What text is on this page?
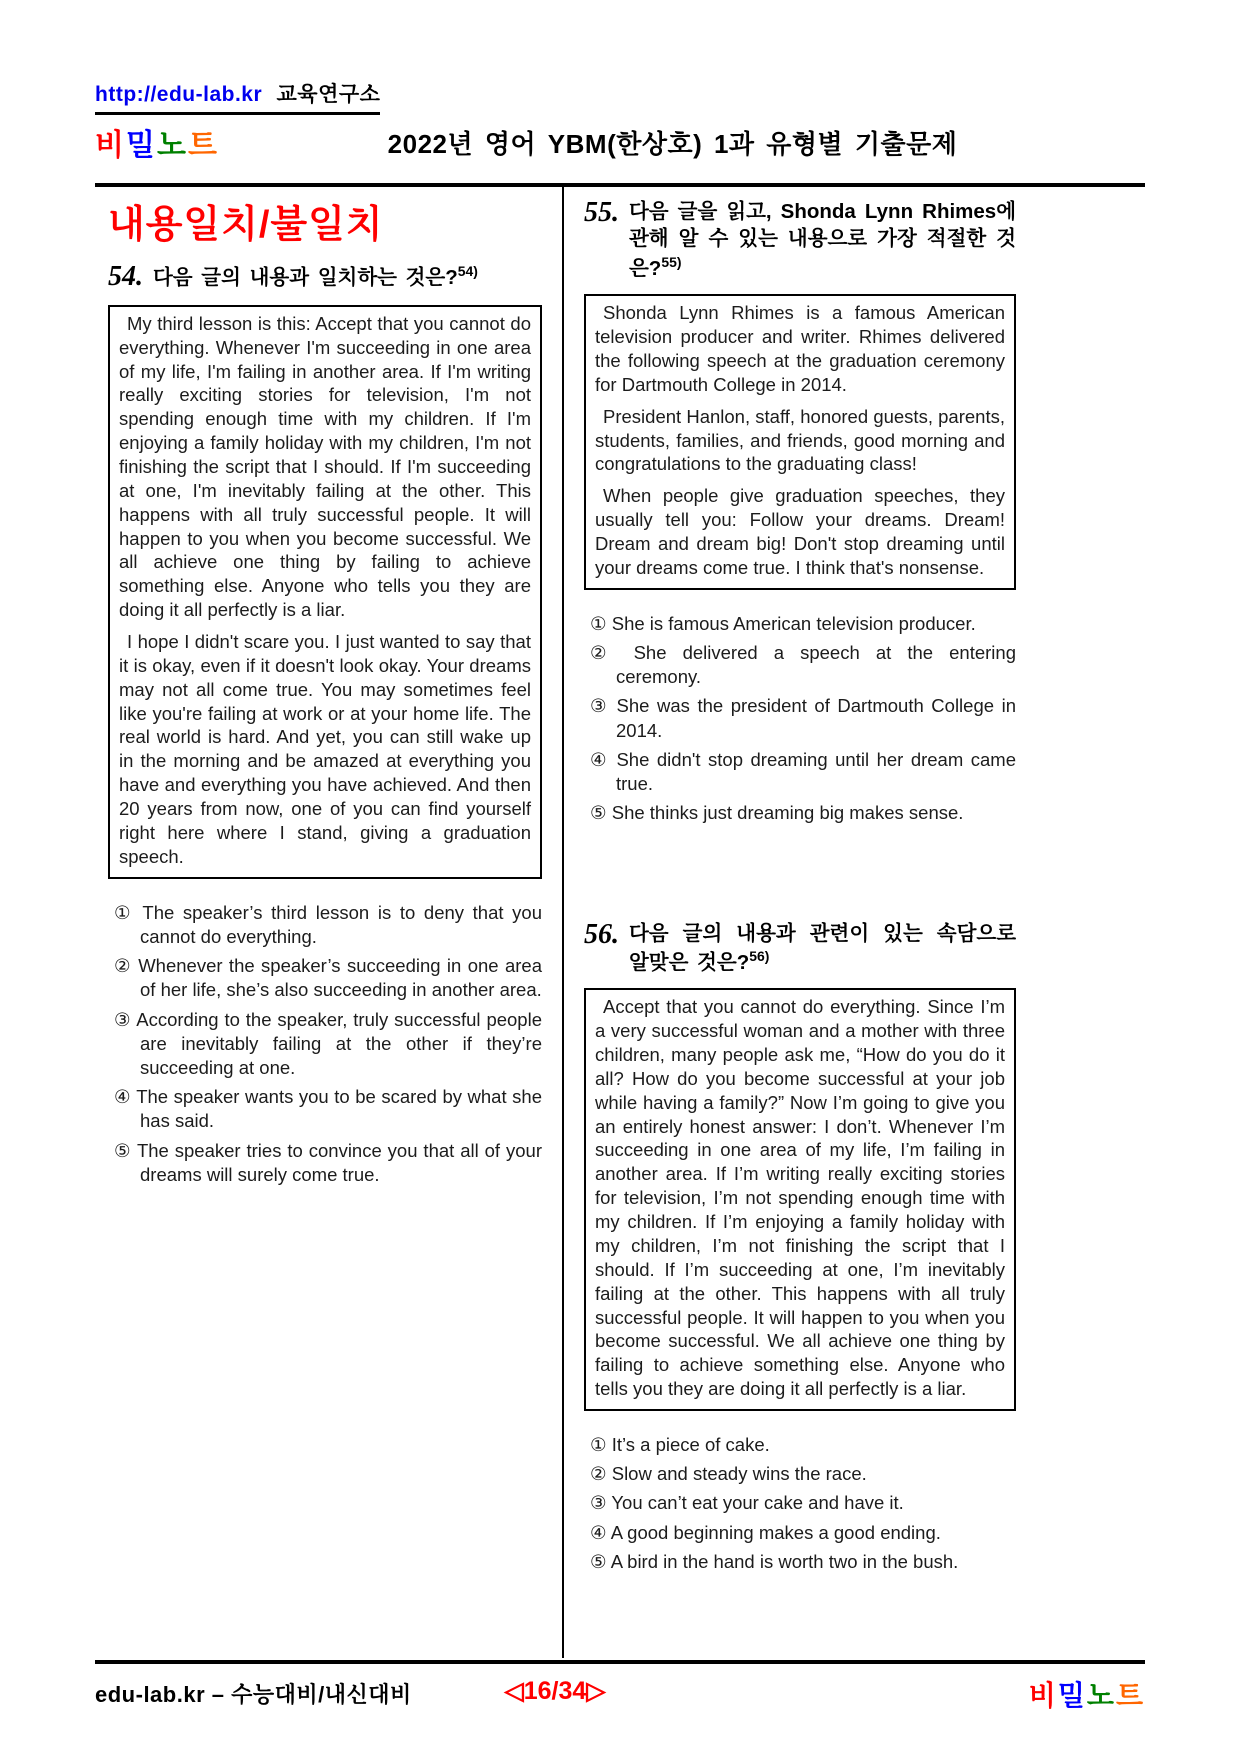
http://edu-lab.kr 교육연구소
비밀노트	2022년 영어 YBM(한상호) 1과 유형별 기출문제
내용일치/불일치
54. 다음 글의 내용과 일치하는 것은?$^{54)}$

My third lesson is this: Accept that you cannot do everything. Whenever I'm succeeding in one area of my life, I'm failing in another area. If I'm writing really exciting stories for television, I'm not spending enough time with my children. If I'm enjoying a family holiday with my children, I'm not finishing the script that I should. If I'm succeeding at one, I'm inevitably failing at the other. This happens with all truly successful people. It will happen to you when you become successful. We all achieve one thing by failing to achieve something else. Anyone who tells you they are doing it all perfectly is a liar.

I hope I didn't scare you. I just wanted to say that it is okay, even if it doesn't look okay. Your dreams may not all come true. You may sometimes feel like you're failing at work or at your home life. The real world is hard. And yet, you can still wake up in the morning and be amazed at everything you have and everything you have achieved. And then 20 years from now, one of you can find yourself right here where I stand, giving a graduation speech.

① The speaker’s third lesson is to deny that you cannot do everything.
② Whenever the speaker’s succeeding in one area of her life, she’s also succeeding in another area.
③ According to the speaker, truly successful people are inevitably failing at the other if they’re succeeding at one.
④ The speaker wants you to be scared by what she has said.
⑤ The speaker tries to convince you that all of your dreams will surely come true.
55. 다음 글을 읽고, Shonda Lynn Rhimes에 관해 알 수 있는 내용으로 가장 적절한 것은?$^{55)}$

Shonda Lynn Rhimes is a famous American television producer and writer. Rhimes delivered the following speech at the graduation ceremony for Dartmouth College in 2014.

President Hanlon, staff, honored guests, parents, students, families, and friends, good morning and congratulations to the graduating class!

When people give graduation speeches, they usually tell you: Follow your dreams. Dream! Dream and dream big! Don't stop dreaming until your dreams come true. I think that's nonsense.

① She is famous American television producer.
② She delivered a speech at the entering ceremony.
③ She was the president of Dartmouth College in 2014.
④ She didn't stop dreaming until her dream came true.
⑤ She thinks just dreaming big makes sense.
56. 다음 글의 내용과 관련이 있는 속담으로 알맞은 것은?$^{56)}$

Accept that you cannot do everything. Since I’m a very successful woman and a mother with three children, many people ask me, “How do you do it all? How do you become successful at your job while having a family?” Now I’m going to give you an entirely honest answer: I don’t. Whenever I’m succeeding in one area of my life, I’m failing in another area. If I’m writing really exciting stories for television, I’m not spending enough time with my children. If I’m enjoying a family holiday with my children, I’m not finishing the script that I should. If I’m succeeding at one, I’m inevitably failing at the other. This happens with all truly successful people. It will happen to you when you become successful. We all achieve one thing by failing to achieve something else. Anyone who tells you they are doing it all perfectly is a liar.

① It’s a piece of cake.
② Slow and steady wins the race.
③ You can’t eat your cake and have it.
④ A good beginning makes a good ending.
⑤ A bird in the hand is worth two in the bush.
edu-lab.kr – 수능대비/내신대비	◁16/34▷	비밀노트
